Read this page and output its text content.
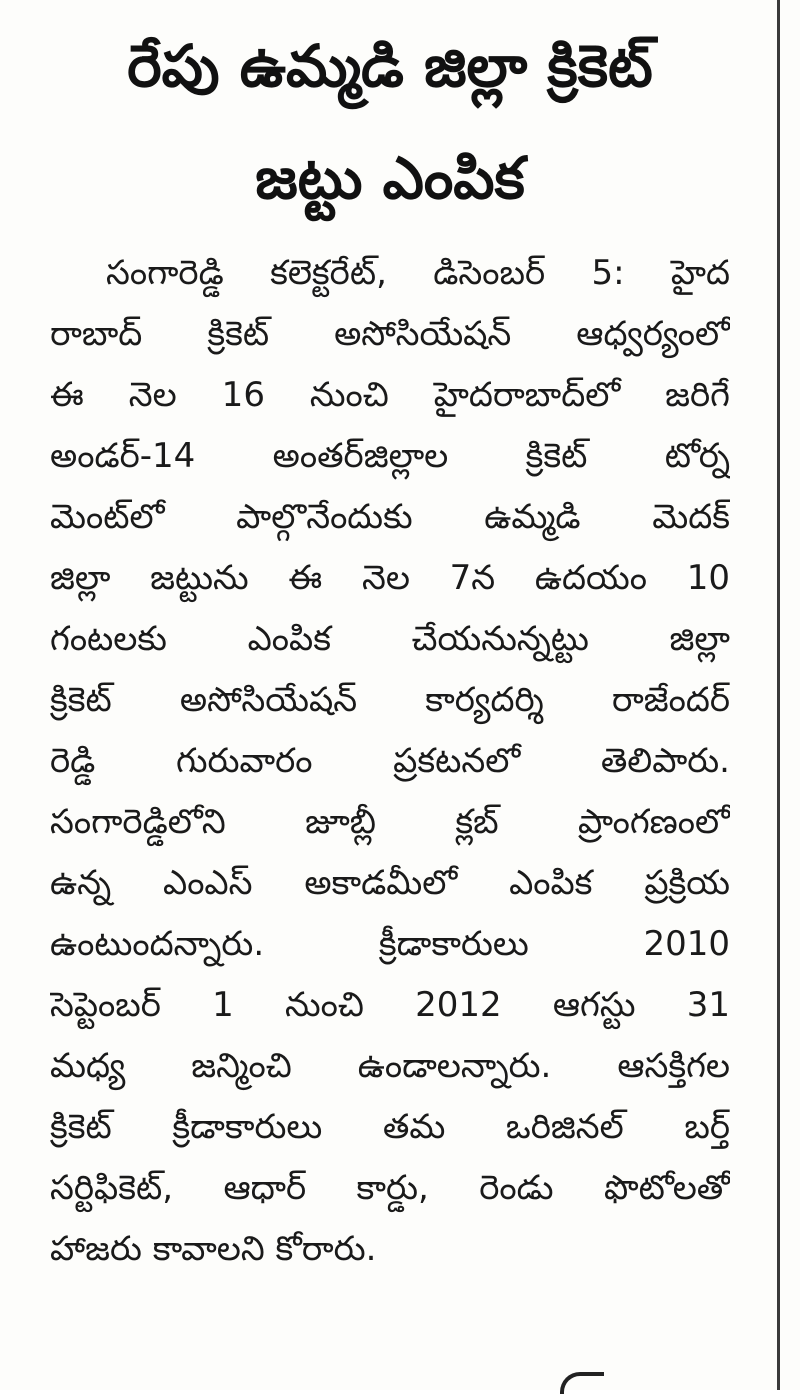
రేపు ఉమ్మడి జిల్లా క్రికెట్
జట్టు ఎంపిక
సంగారెడ్డి కలెక్టరేట్, డిసెంబర్ 5: హైద
రాబాద్ క్రికెట్ అసోసియేషన్ ఆధ్వర్యంలో
ఈ నెల 16 నుంచి హైదరాబాద్‌లో జరిగే
అండర్-14 అంతర్‌జిల్లాల క్రికెట్ టోర్న
మెంట్‌లో పాల్గొనేందుకు ఉమ్మడి మెదక్
జిల్లా జట్టును ఈ నెల 7న ఉదయం 10
గంటలకు ఎంపిక చేయనున్నట్టు జిల్లా
క్రికెట్ అసోసియేషన్ కార్యదర్శి రాజేందర్
రెడ్డి గురువారం ప్రకటనలో తెలిపారు.
సంగారెడ్డిలోని జూబ్లీ క్లబ్ ప్రాంగణంలో
ఉన్న ఎంఎస్ అకాడమీలో ఎంపిక ప్రక్రియ
ఉంటుందన్నారు. క్రీడాకారులు 2010
సెప్టెంబర్ 1 నుంచి 2012 ఆగస్టు 31
మధ్య జన్మించి ఉండాలన్నారు. ఆసక్తిగల
క్రికెట్ క్రీడాకారులు తమ ఒరిజినల్ బర్త్
సర్టిఫికెట్, ఆధార్ కార్డు, రెండు ఫొటోలతో
హాజరు కావాలని కోరారు.
